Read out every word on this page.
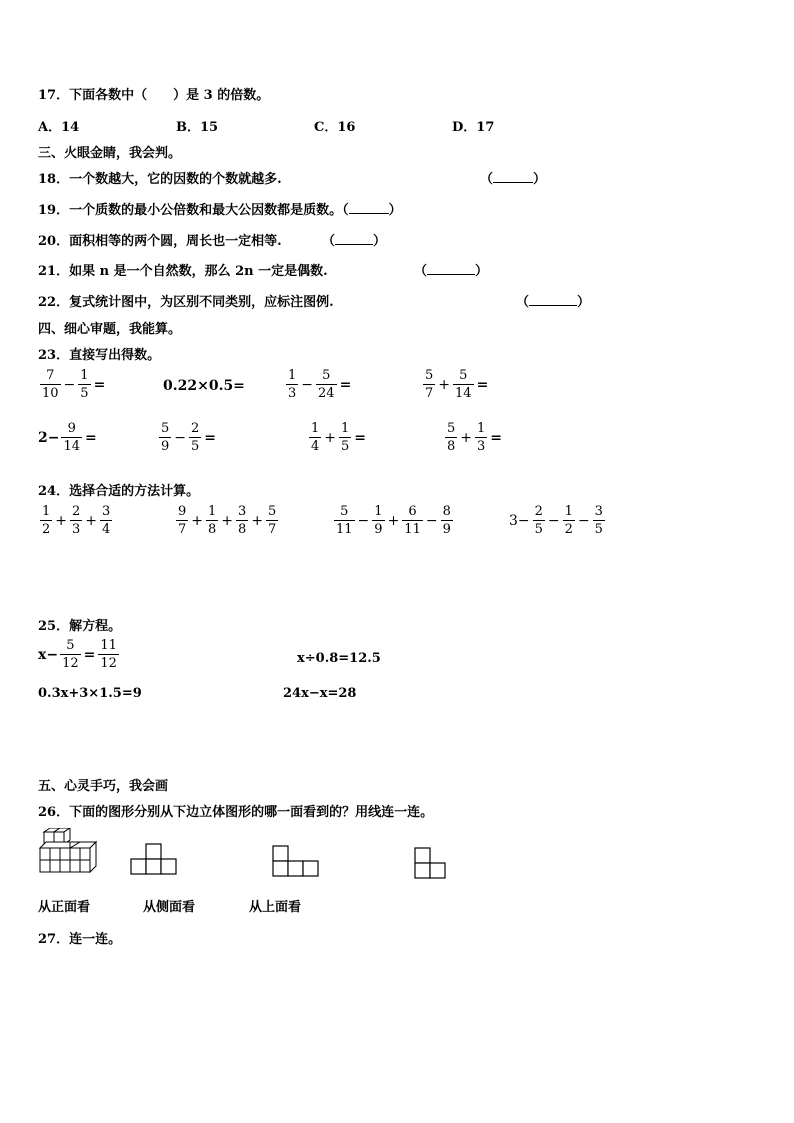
17．下面各数中（　　）是 3 的倍数。
A．14	B．15	C．16	D．17
三、火眼金睛，我会判。
18．一个数越大，它的因数的个数就越多.	（	）
19．一个质数的最小公倍数和最大公因数都是质数。（	）
20．面积相等的两个圆，周长也一定相等.	（	）
21．如果 n 是一个自然数，那么 2n 一定是偶数.	（	）
22．复式统计图中，为区别不同类别，应标注图例.	（	）
四、细心审题，我能算。
23．直接写出得数。
$\frac{7}{10} - \frac{1}{5}$ =	0.22×0.5=	$\frac{1}{3} - \frac{5}{24}$ =	$\frac{5}{7} + \frac{5}{14}$ =
$2- \frac{9}{14}$ =	$\frac{5}{9} - \frac{2}{5}$ =	$\frac{1}{4} + \frac{1}{5}$ =	$\frac{5}{8} + \frac{1}{3}$ =
24．选择合适的方法计算。
$\frac{1}{2} + \frac{2}{3} + \frac{3}{4}$	$\frac{9}{7} + \frac{1}{8} + \frac{3}{8} + \frac{5}{7}$	$\frac{5}{11} - \frac{1}{9} + \frac{6}{11} - \frac{8}{9}$	$3- \frac{2}{5} - \frac{1}{2} - \frac{3}{5}$
25．解方程。
$x- \frac{5}{12} = \frac{11}{12}$	x÷0.8=12.5
0.3x+3×1.5=9	24x−x=28
五、心灵手巧，我会画
26．下面的图形分别从下边立体图形的哪一面看到的？用线连一连。
从正面看	从侧面看	从上面看
27．连一连。
